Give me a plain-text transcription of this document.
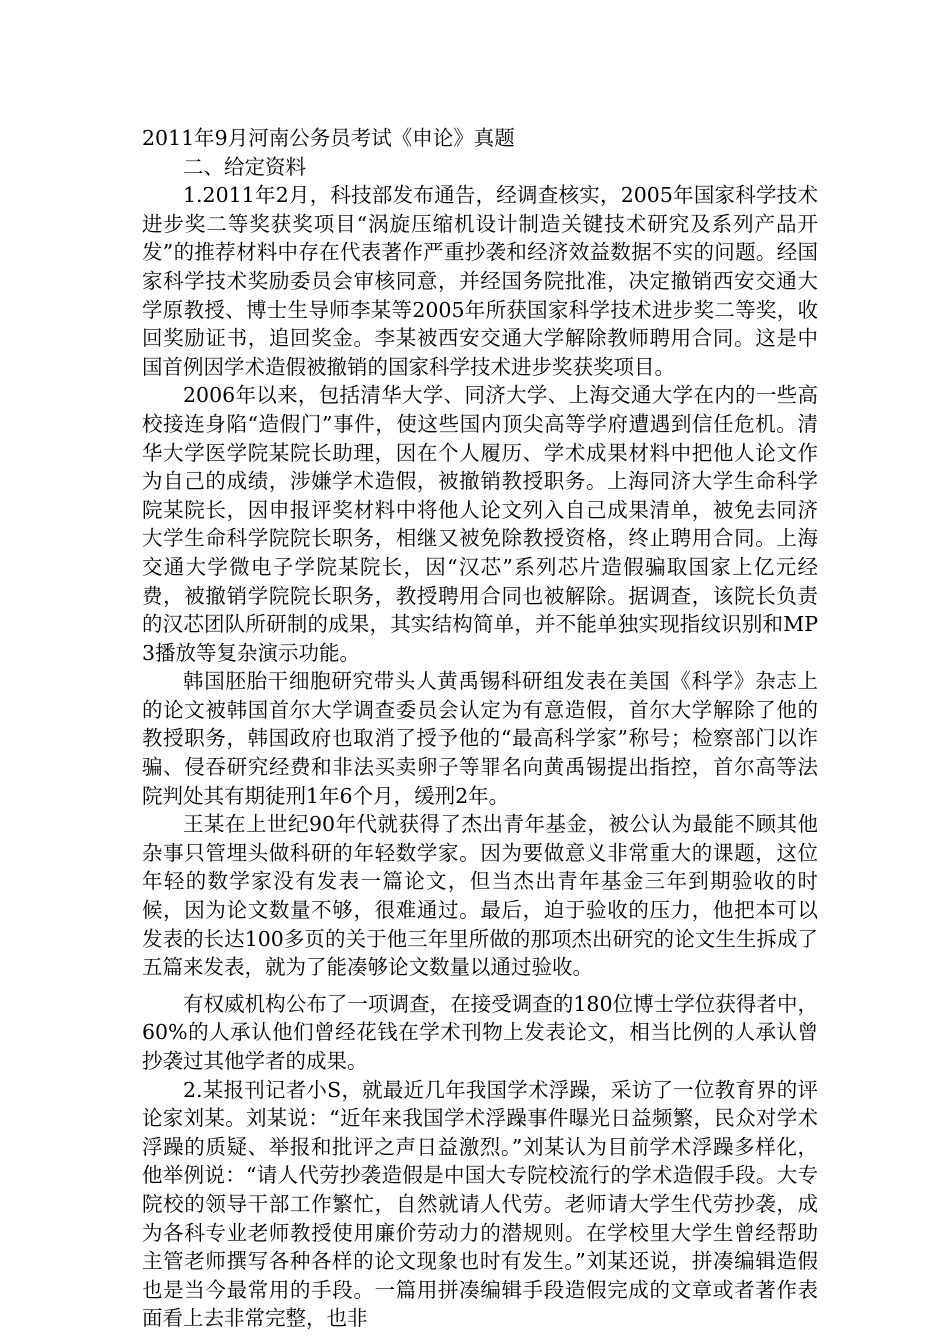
2011年9月河南公务员考试《申论》真题
二、给定资料

1.2011年2月，科技部发布通告，经调查核实，2005年国家科学技术进步奖二等奖获奖项目“涡旋压缩机设计制造关键技术研究及系列产品开发”的推荐材料中存在代表著作严重抄袭和经济效益数据不实的问题。经国家科学技术奖励委员会审核同意，并经国务院批准，决定撤销西安交通大学原教授、博士生导师李某等2005年所获国家科学技术进步奖二等奖，收回奖励证书，追回奖金。李某被西安交通大学解除教师聘用合同。这是中国首例因学术造假被撤销的国家科学技术进步奖获奖项目。

2006年以来，包括清华大学、同济大学、上海交通大学在内的一些高校接连身陷“造假门”事件，使这些国内顶尖高等学府遭遇到信任危机。清华大学医学院某院长助理，因在个人履历、学术成果材料中把他人论文作为自己的成绩，涉嫌学术造假，被撤销教授职务。上海同济大学生命科学院某院长，因申报评奖材料中将他人论文列入自己成果清单，被免去同济大学生命科学院院长职务，相继又被免除教授资格，终止聘用合同。上海交通大学微电子学院某院长，因“汉芯”系列芯片造假骗取国家上亿元经费，被撤销学院院长职务，教授聘用合同也被解除。据调查，该院长负责的汉芯团队所研制的成果，其实结构简单，并不能单独实现指纹识别和MP3播放等复杂演示功能。

韩国胚胎干细胞研究带头人黄禹锡科研组发表在美国《科学》杂志上的论文被韩国首尔大学调查委员会认定为有意造假，首尔大学解除了他的教授职务，韩国政府也取消了授予他的“最高科学家”称号；检察部门以诈骗、侵吞研究经费和非法买卖卵子等罪名向黄禹锡提出指控，首尔高等法院判处其有期徒刑1年6个月，缓刑2年。

王某在上世纪90年代就获得了杰出青年基金，被公认为最能不顾其他杂事只管埋头做科研的年轻数学家。因为要做意义非常重大的课题，这位年轻的数学家没有发表一篇论文，但当杰出青年基金三年到期验收的时候，因为论文数量不够，很难通过。最后，迫于验收的压力，他把本可以发表的长达100多页的关于他三年里所做的那项杰出研究的论文生生拆成了五篇来发表，就为了能凑够论文数量以通过验收。

有权威机构公布了一项调查，在接受调查的180位博士学位获得者中，60%的人承认他们曾经花钱在学术刊物上发表论文，相当比例的人承认曾抄袭过其他学者的成果。

2.某报刊记者小S，就最近几年我国学术浮躁，采访了一位教育界的评论家刘某。刘某说：“近年来我国学术浮躁事件曝光日益频繁，民众对学术浮躁的质疑、举报和批评之声日益激烈。”刘某认为目前学术浮躁多样化，他举例说：“请人代劳抄袭造假是中国大专院校流行的学术造假手段。大专院校的领导干部工作繁忙，自然就请人代劳。老师请大学生代劳抄袭，成为各科专业老师教授使用廉价劳动力的潜规则。在学校里大学生曾经帮助主管老师撰写各种各样的论文现象也时有发生。”刘某还说，拼凑编辑造假也是当今最常用的手段。一篇用拼凑编辑手段造假完成的文章或者著作表面看上去非常完整，也非
